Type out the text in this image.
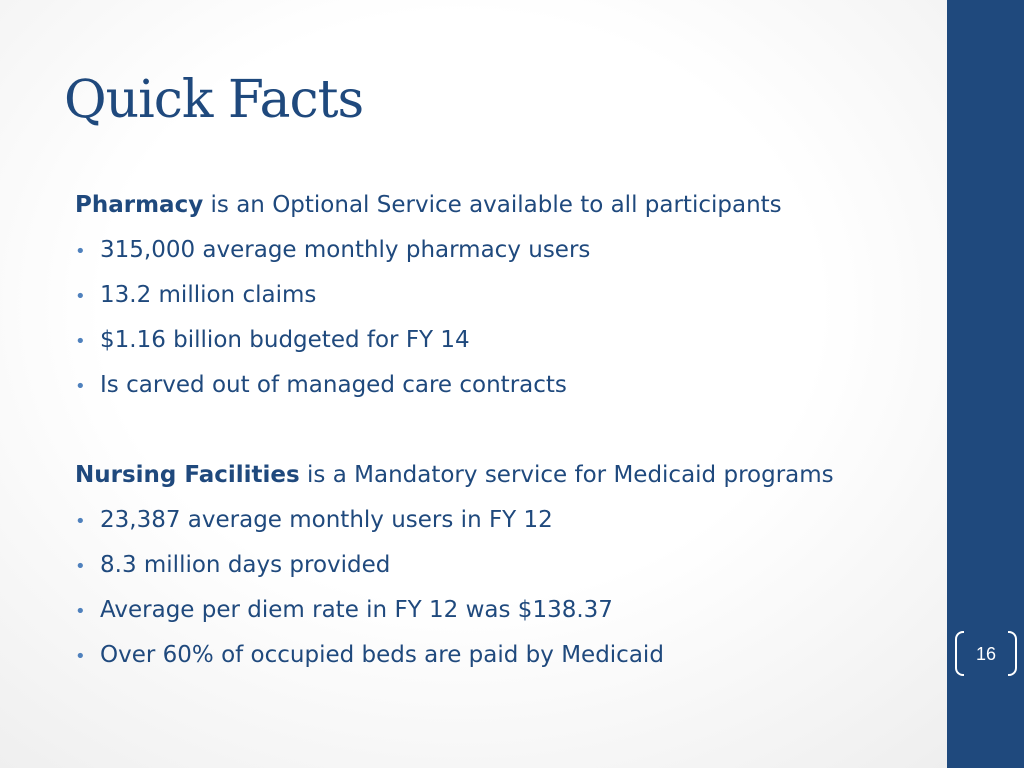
Quick Facts
Pharmacy is an Optional Service available to all participants
• 315,000 average monthly pharmacy users
• 13.2 million claims
• $1.16 billion budgeted for FY 14
• Is carved out of managed care contracts
Nursing Facilities is a Mandatory service for Medicaid programs
• 23,387 average monthly users in FY 12
• 8.3 million days provided
• Average per diem rate in FY 12 was $138.37
• Over 60% of occupied beds are paid by Medicaid	16
